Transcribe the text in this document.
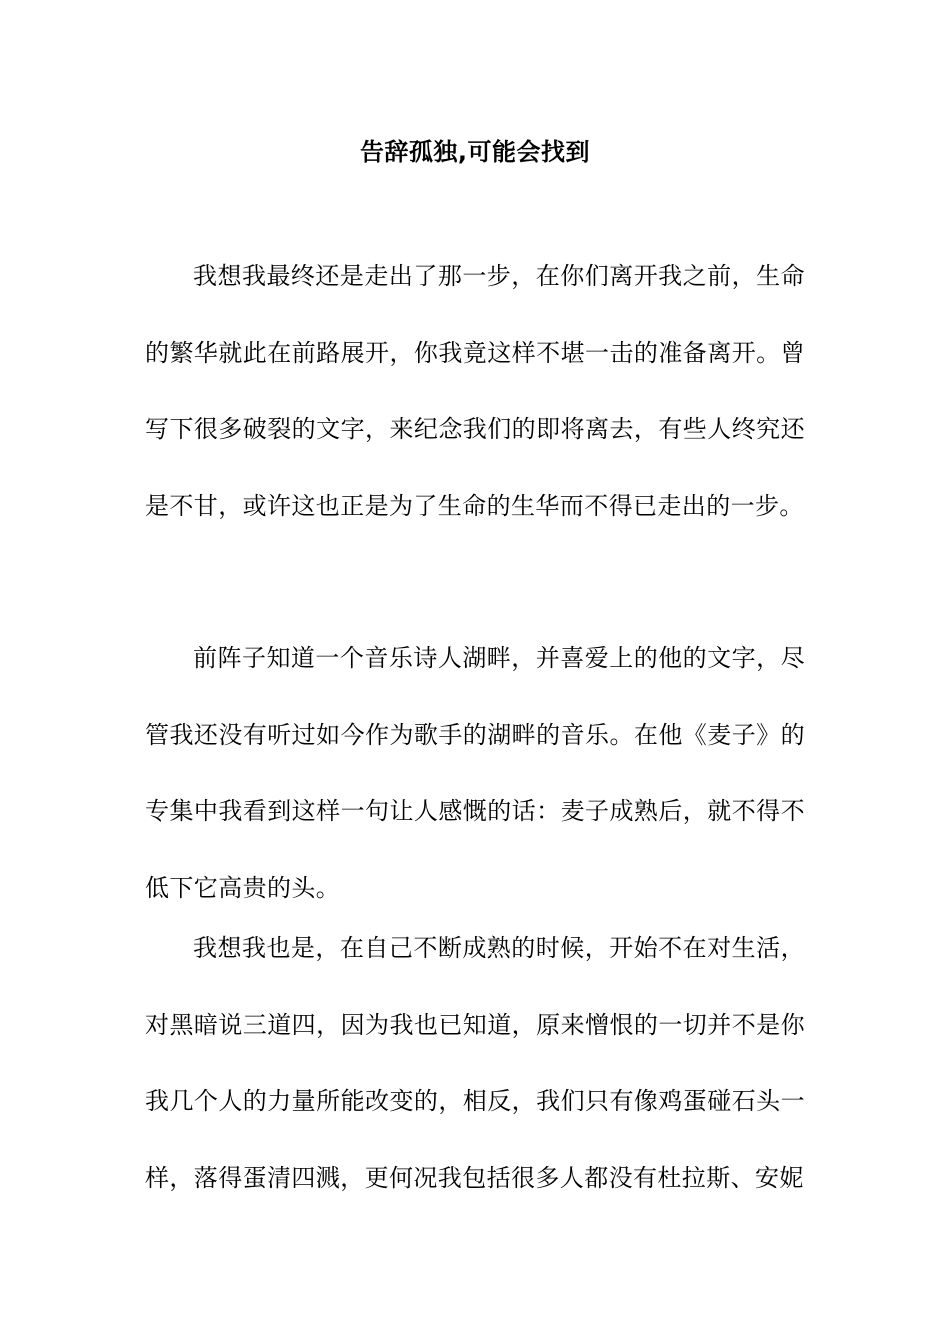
告辞孤独,可能会找到

我想我最终还是走出了那一步，在你们离开我之前，生命的繁华就此在前路展开，你我竟这样不堪一击的准备离开。曾写下很多破裂的文字，来纪念我们的即将离去，有些人终究还是不甘，或许这也正是为了生命的生华而不得已走出的一步。

前阵子知道一个音乐诗人湖畔，并喜爱上的他的文字，尽管我还没有听过如今作为歌手的湖畔的音乐。在他《麦子》的专集中我看到这样一句让人感慨的话：麦子成熟后，就不得不低下它高贵的头。

我想我也是，在自己不断成熟的时候，开始不在对生活，对黑暗说三道四，因为我也已知道，原来憎恨的一切并不是你我几个人的力量所能改变的，相反，我们只有像鸡蛋碰石头一样，落得蛋清四溅，更何况我包括很多人都没有杜拉斯、安妮
